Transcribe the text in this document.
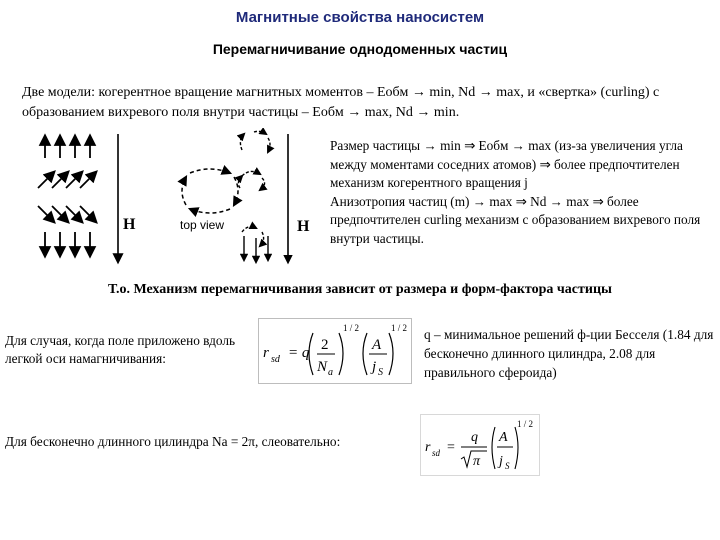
Магнитные свойства наносистем
Перемагничивание однодоменных частиц
Две модели: когерентное вращение магнитных моментов – Eобм → min, Nd → max, и «свертка» (curling) с образованием вихревого поля внутри частицы – Eобм → max, Nd → min.
H	top view	H
Размер частицы → min ⇒ Eобм → max (из-за увеличения угла между моментами соседних атомов) ⇒ более предпочтителен механизм когерентного вращения j
Анизотропия частиц (m) → max ⇒ Nd → max ⇒ более предпочтителен curling механизм с образованием вихревого поля внутри частицы.
Т.о. Механизм перемагничивания зависит от размера и форм-фактора частицы
Для случая, когда поле приложено вдоль легкой оси намагничивания:	r sd = q 2
N a
1 / 2
A
j S
1 / 2 q – минимальное решений ф-ции Бесселя (1.84 для бесконечно длинного цилиндра, 2.08 для правильного сфероида)
Для бесконечно длинного цилиндра Nа = 2π, слеовательно:	r sd =
q
π
A
j S
1 / 2
